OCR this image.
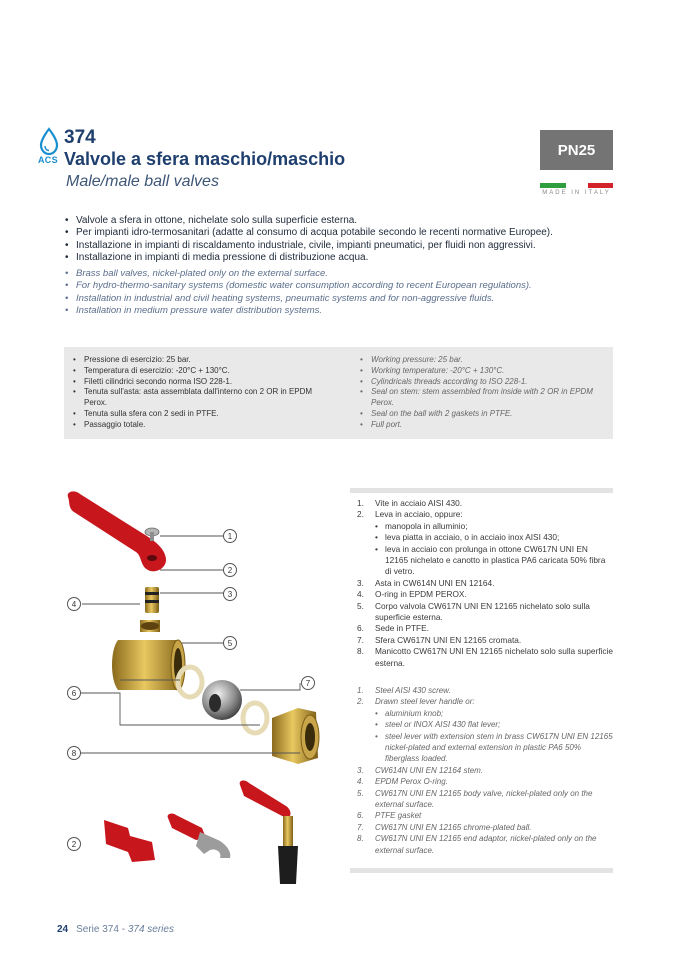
ACS
374
Valvole a sfera maschio/maschio
Male/male ball valves
PN25
MADE IN ITALY
• Valvole a sfera in ottone, nichelate solo sulla superficie esterna.
• Per impianti idro-termosanitari (adatte al consumo di acqua potabile secondo le recenti normative Europee).
• Installazione in impianti di riscaldamento industriale, civile, impianti pneumatici, per fluidi non aggressivi.
• Installazione in impianti di media pressione di distribuzione acqua.
• Brass ball valves, nickel-plated only on the external surface.
• For hydro-thermo-sanitary systems (domestic water consumption according to recent European regulations).
• Installation in industrial and civil heating systems, pneumatic systems and for non-aggressive fluids.
• Installation in medium pressure water distribution systems.
• Pressione di esercizio: 25 bar.
• Temperatura di esercizio: -20°C + 130°C.
• Filetti cilindrici secondo norma ISO 228-1.
• Tenuta sull'asta: asta assemblata dall'interno con 2 OR in EPDM Perox.
• Tenuta sulla sfera con 2 sedi in PTFE.
• Passaggio totale.
• Working pressure: 25 bar.
• Working temperature: -20°C + 130°C.
• Cylindricals threads according to ISO 228-1.
• Seal on stem: stem assembled from inside with 2 OR in EPDM Perox.
• Seal on the ball with 2 gaskets in PTFE.
• Full port.
1. Vite in acciaio AISI 430.
2. Leva in acciaio, oppure:
• manopola in alluminio;
• leva piatta in acciaio, o in acciaio inox AISI 430;
• leva in acciaio con prolunga in ottone CW617N UNI EN 12165 nichelato e canotto in plastica PA6 caricata 50% fibra di vetro.
3. Asta in CW614N UNI EN 12164.
4. O-ring in EPDM PEROX.
5. Corpo valvola CW617N UNI EN 12165 nichelato solo sulla superficie esterna.
6. Sede in PTFE.
7. Sfera CW617N UNI EN 12165 cromata.
8. Manicotto CW617N UNI EN 12165 nichelato solo sulla superficie esterna.
1. Steel AISI 430 screw.
2. Drawn steel lever handle or:
• aluminium knob;
• steel or INOX AISI 430 flat lever;
• steel lever with extension stem in brass CW617N UNI EN 12165 nickel-plated and external extension in plastic PA6 50% fiberglass loaded.
3. CW614N UNI EN 12164 stem.
4. EPDM Perox O-ring.
5. CW617N UNI EN 12165 body valve, nickel-plated only on the external surface.
6. PTFE gasket
7. CW617N UNI EN 12165 chrome-plated ball.
8. CW617N UNI EN 12165 end adaptor, nickel-plated only on the external surface.
1
2
3
4
5
6
7
8
2
24 Serie 374 - 374 series
